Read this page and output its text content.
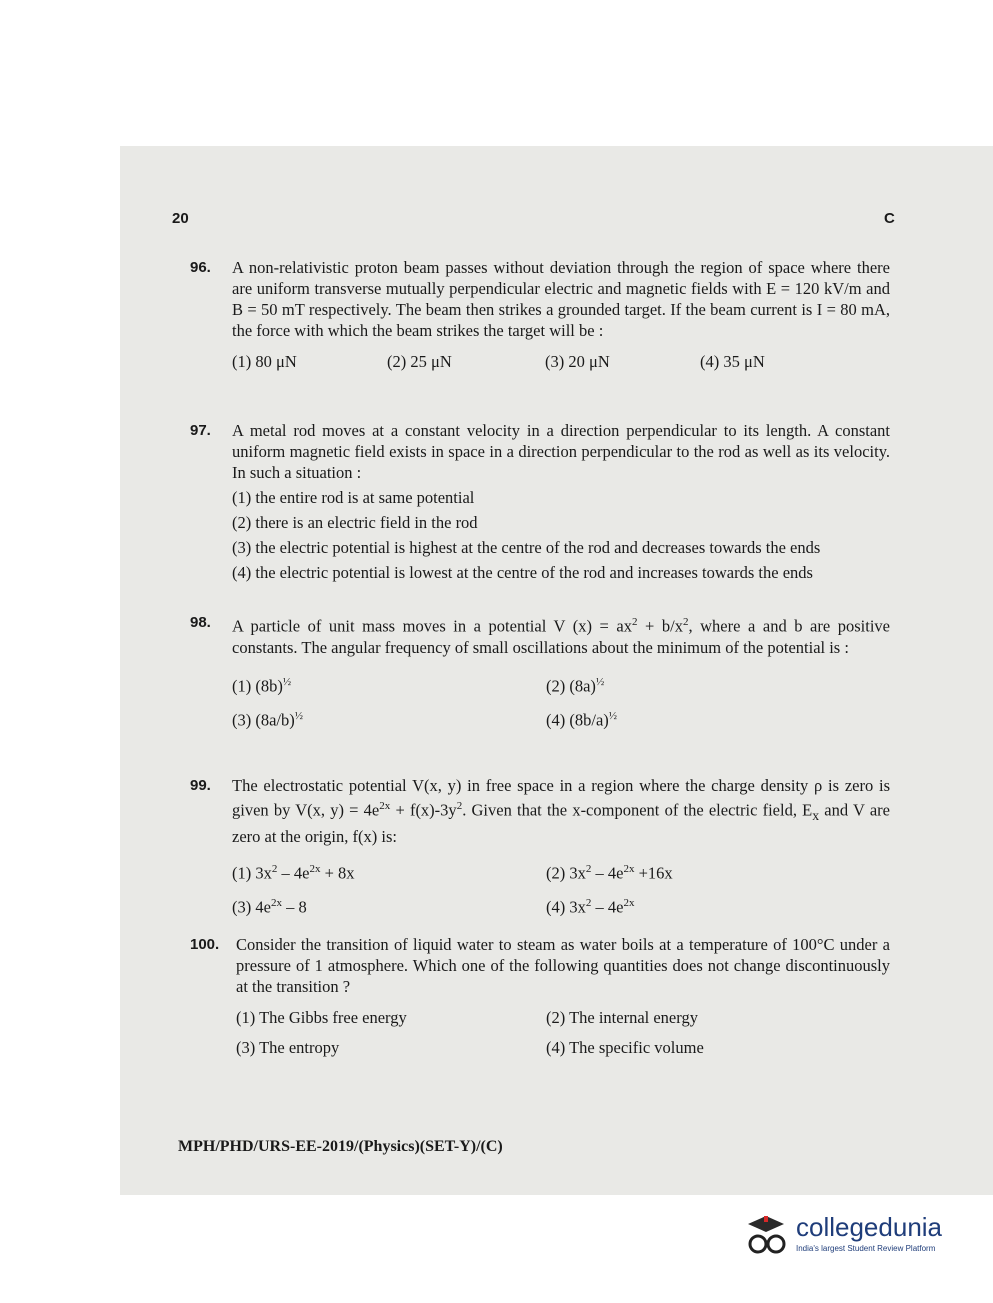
20	C
96. A non-relativistic proton beam passes without deviation through the region of space where there are uniform transverse mutually perpendicular electric and magnetic fields with E = 120 kV/m and B = 50 mT respectively. The beam then strikes a grounded target. If the beam current is I = 80 mA, the force with which the beam strikes the target will be :
(1) 80 μN	(2) 25 μN	(3) 20 μN	(4) 35 μN
97. A metal rod moves at a constant velocity in a direction perpendicular to its length. A constant uniform magnetic field exists in space in a direction perpendicular to the rod as well as its velocity. In such a situation :
(1) the entire rod is at same potential
(2) there is an electric field in the rod
(3) the electric potential is highest at the centre of the rod and decreases towards the ends
(4) the electric potential is lowest at the centre of the rod and increases towards the ends
98. A particle of unit mass moves in a potential V $(x) = ax^2 + b/x^2$, where a and b are positive constants. The angular frequency of small oscillations about the minimum of the potential is :
(1) $(8b)^{\frac{1}{2}}$	(2) $(8a)^{\frac{1}{2}}$
(3) $(8a/b)^{\frac{1}{2}}$	(4) $(8b/a)^{\frac{1}{2}}$
99. The electrostatic potential V(x, y) in free space in a region where the charge density ρ is zero is given by V(x, $y) = 4e^{2x} + f(x)-3y^2$. Given that the x-component of the electric field, $E_x$ and V are zero at the origin, f(x) is:
(1) $3x^2 - 4e^{2x} + 8x$	(2) $3x^2 - 4e^{2x} +16x$
(3) $4e^{2x} - 8$	(4) $3x^2 - 4e^{2x}$
100. Consider the transition of liquid water to steam as water boils at a temperature of 100°C under a pressure of 1 atmosphere. Which one of the following quantities does not change discontinuously at the transition ?
(1) The Gibbs free energy	(2) The internal energy
(3) The entropy	(4) The specific volume
MPH/PHD/URS-EE-2019/(Physics)(SET-Y)/(C)
collegedunia
India's largest Student Review Platform
